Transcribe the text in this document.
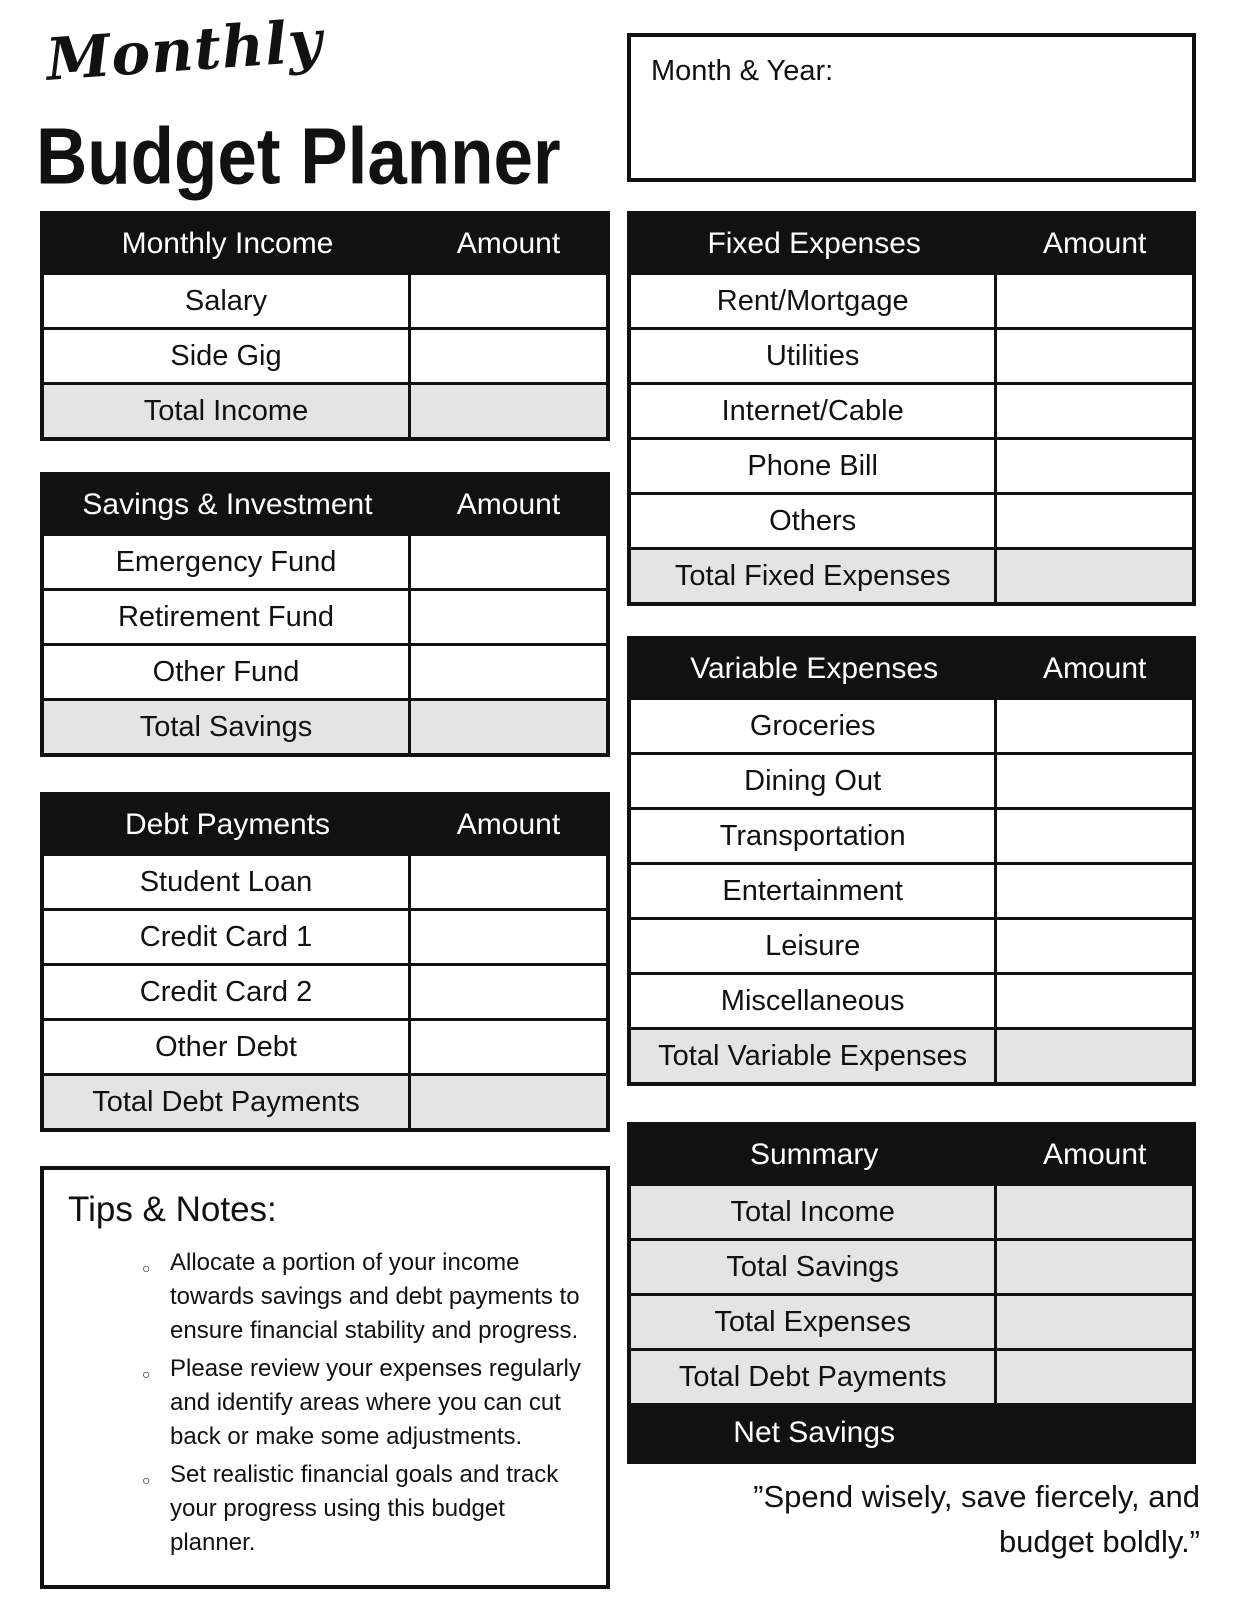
Monthly
Budget Planner
Month & Year:
Monthly Income	Amount
Salary
Side Gig
Total Income
Savings & Investment	Amount
Emergency Fund
Retirement Fund
Other Fund
Total Savings
Debt Payments	Amount
Student Loan
Credit Card 1
Credit Card 2
Other Debt
Total Debt Payments
Fixed Expenses	Amount
Rent/Mortgage
Utilities
Internet/Cable
Phone Bill
Others
Total Fixed Expenses
Variable Expenses	Amount
Groceries
Dining Out
Transportation
Entertainment
Leisure
Miscellaneous
Total Variable Expenses
Summary	Amount
Total Income
Total Savings
Total Expenses
Total Debt Payments
Net Savings
Tips & Notes:
○ Allocate a portion of your income towards savings and debt payments to ensure financial stability and progress.
○ Please review your expenses regularly and identify areas where you can cut back or make some adjustments.
○ Set realistic financial goals and track your progress using this budget planner.
”Spend wisely, save fiercely, and
budget boldly.”
